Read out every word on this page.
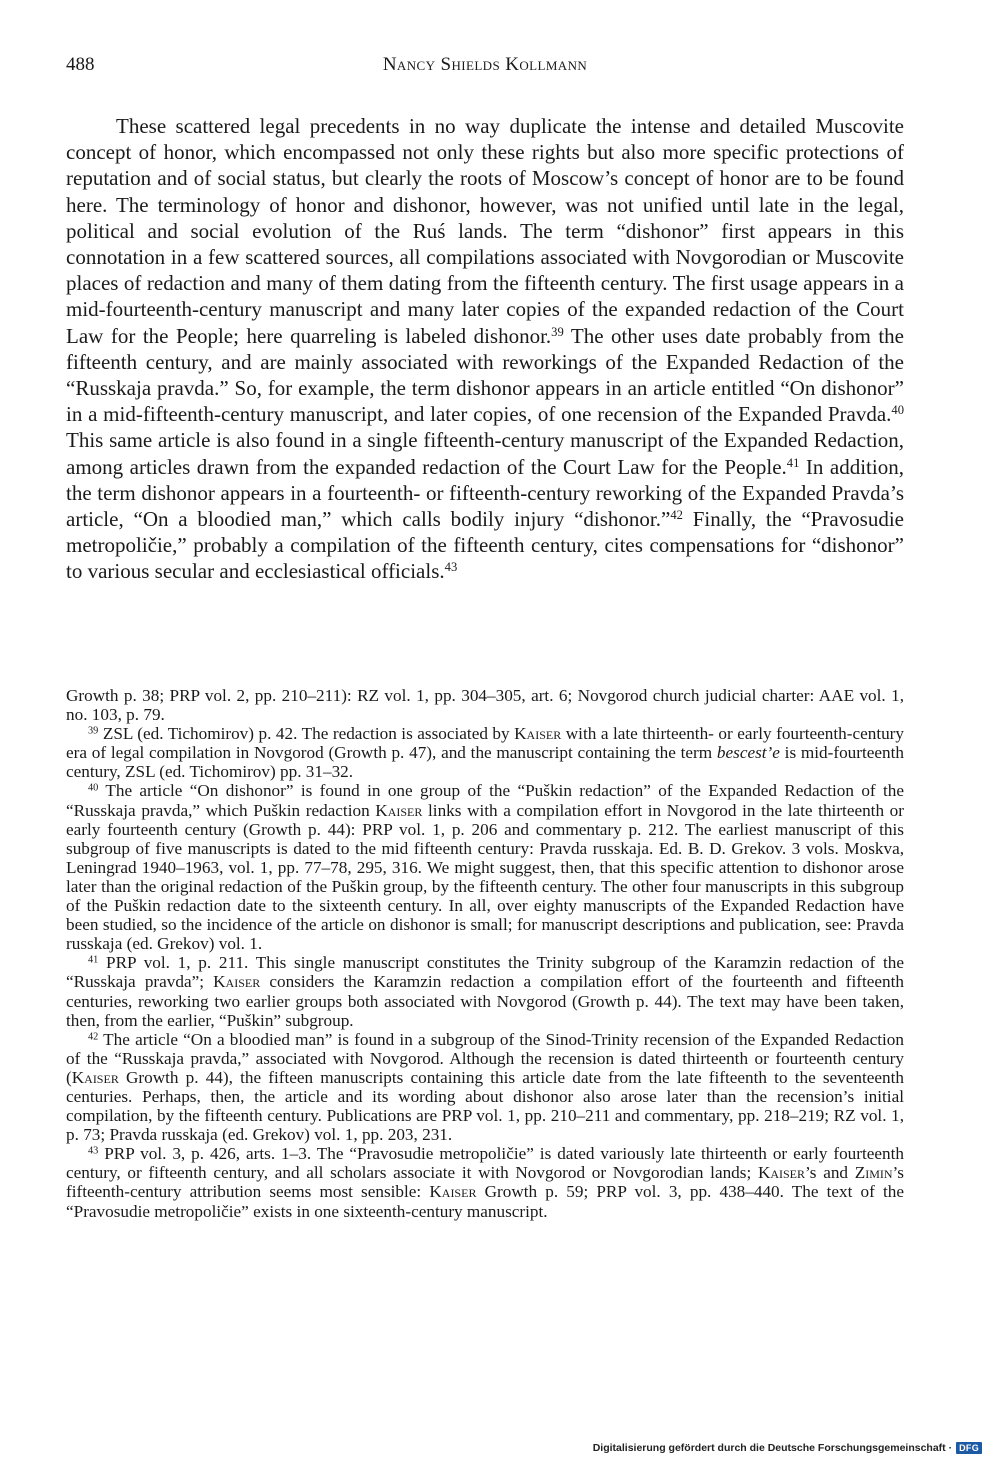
488	Nancy Shields Kollmann

These scattered legal precedents in no way duplicate the intense and detailed Muscovite concept of honor, which encompassed not only these rights but also more specific protections of reputation and of social status, but clearly the roots of Moscow’s concept of honor are to be found here. The terminology of honor and dishonor, however, was not unified until late in the legal, political and social evolution of the Ruś lands. The term “dishonor” first appears in this connotation in a few scattered sources, all compilations associated with Novgorodian or Muscovite places of redaction and many of them dating from the fifteenth century. The first usage appears in a mid-fourteenth-century manuscript and many later copies of the expanded redaction of the Court Law for the People; here quarreling is labeled dishonor.$^{39}$ The other uses date probably from the fifteenth century, and are mainly associated with reworkings of the Expanded Redaction of the “Russkaja pravda.” So, for example, the term dishonor appears in an article entitled “On dishonor” in a mid-fifteenth-century manuscript, and later copies, of one recension of the Expanded Pravda.$^{40}$ This same article is also found in a single fifteenth-century manuscript of the Expanded Redaction, among articles drawn from the expanded redaction of the Court Law for the People.$^{41}$ In addition, the term dishonor appears in a fourteenth- or fifteenth-century reworking of the Expanded Pravda’s article, “On a bloodied man,” which calls bodily injury “dishonor.”$^{42}$ Finally, the “Pravosudie metropoličie,” probably a compilation of the fifteenth century, cites compensations for “dishonor” to various secular and ecclesiastical officials.$^{43}$

Growth p. 38; PRP vol. 2, pp. 210–211): RZ vol. 1, pp. 304–305, art. 6; Novgorod church judicial charter: AAE vol. 1, no. 103, p. 79.

$^{39}$ ZSL (ed. Tichomirov) p. 42. The redaction is associated by Kaiser with a late thirteenth- or early fourteenth-century era of legal compilation in Novgorod (Growth p. 47), and the manuscript containing the term bescest’e is mid-fourteenth century, ZSL (ed. Tichomirov) pp. 31–32.

$^{40}$ The article “On dishonor” is found in one group of the “Puškin redaction” of the Expanded Redaction of the “Russkaja pravda,” which Puškin redaction Kaiser links with a compilation effort in Novgorod in the late thirteenth or early fourteenth century (Growth p. 44): PRP vol. 1, p. 206 and commentary p. 212. The earliest manuscript of this subgroup of five manuscripts is dated to the mid fifteenth century: Pravda russkaja. Ed. B. D. Grekov. 3 vols. Moskva, Leningrad 1940–1963, vol. 1, pp. 77–78, 295, 316. We might suggest, then, that this specific attention to dishonor arose later than the original redaction of the Puškin group, by the fifteenth century. The other four manuscripts in this subgroup of the Puškin redaction date to the sixteenth century. In all, over eighty manuscripts of the Expanded Redaction have been studied, so the incidence of the article on dishonor is small; for manuscript descriptions and publication, see: Pravda russkaja (ed. Grekov) vol. 1.

$^{41}$ PRP vol. 1, p. 211. This single manuscript constitutes the Trinity subgroup of the Karamzin redaction of the “Russkaja pravda”; Kaiser considers the Karamzin redaction a compilation effort of the fourteenth and fifteenth centuries, reworking two earlier groups both associated with Novgorod (Growth p. 44). The text may have been taken, then, from the earlier, “Puškin” subgroup.

$^{42}$ The article “On a bloodied man” is found in a subgroup of the Sinod-Trinity recension of the Expanded Redaction of the “Russkaja pravda,” associated with Novgorod. Although the recension is dated thirteenth or fourteenth century (Kaiser Growth p. 44), the fifteen manuscripts containing this article date from the late fifteenth to the seventeenth centuries. Perhaps, then, the article and its wording about dishonor also arose later than the recension’s initial compilation, by the fifteenth century. Publications are PRP vol. 1, pp. 210–211 and commentary, pp. 218–219; RZ vol. 1, p. 73; Pravda russkaja (ed. Grekov) vol. 1, pp. 203, 231.

$^{43}$ PRP vol. 3, p. 426, arts. 1–3. The “Pravosudie metropoličie” is dated variously late thirteenth or early fourteenth century, or fifteenth century, and all scholars associate it with Novgorod or Novgorodian lands; Kaiser’s and Zimin’s fifteenth-century attribution seems most sensible: Kaiser Growth p. 59; PRP vol. 3, pp. 438–440. The text of the “Pravosudie metropoličie” exists in one sixteenth-century manuscript.

Digitalisierung gefördert durch die Deutsche Forschungsgemeinschaft · DFG
